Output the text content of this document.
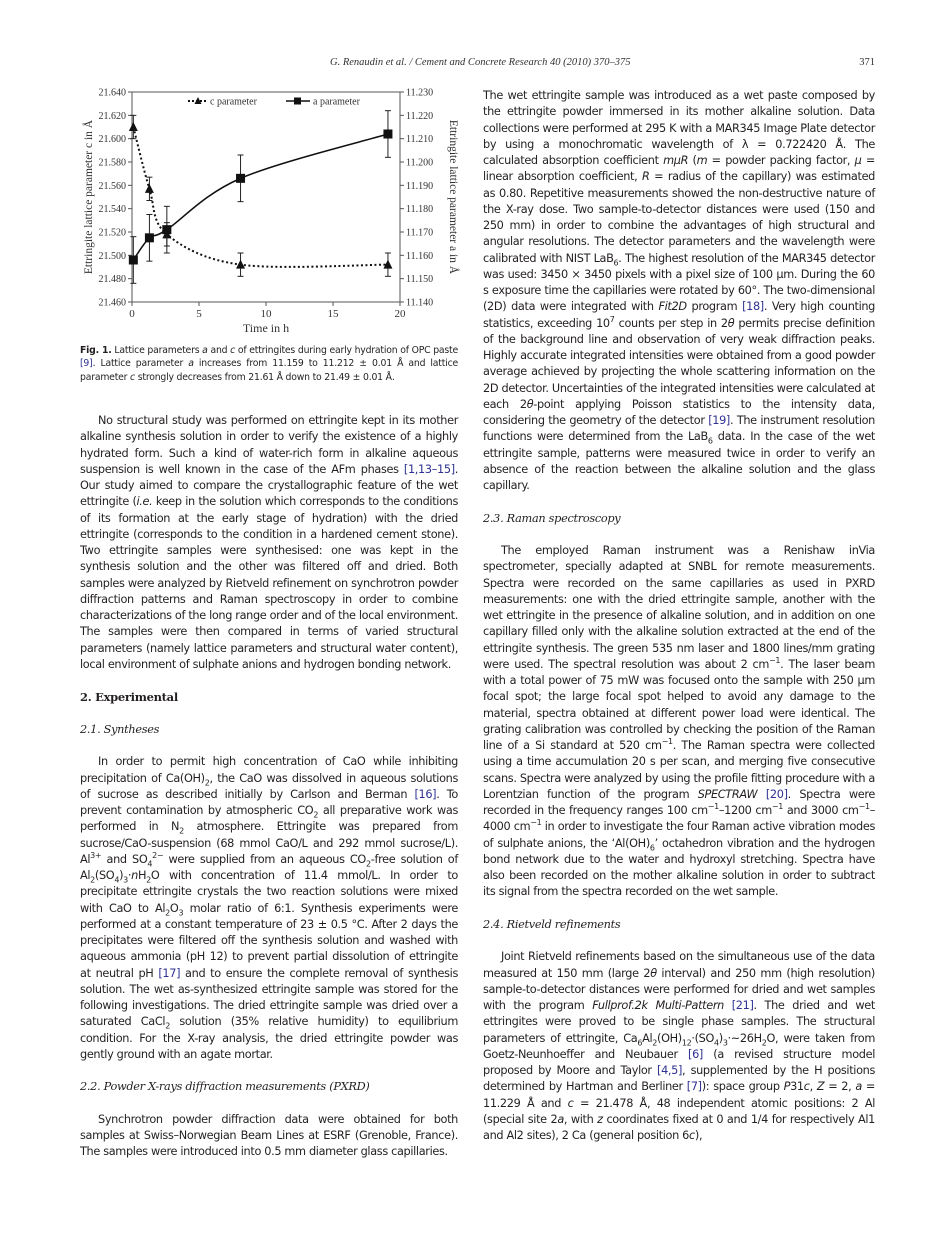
G. Renaudin et al. / Cement and Concrete Research 40 (2010) 370–375	371
0	5	10	15	20
21.460
21.480
21.500
21.520
21.540
21.560
21.580
21.600
21.620
21.640
11.140
11.150
11.160
11.170
11.180
11.190
11.200
11.210
11.220
11.230
Time in h
Ettringite lattice parameter c in Å	Ettringite lattice parameter a in Å
c parameter	a parameter
Fig. 1. Lattice parameters a and c of ettringites during early hydration of OPC paste [9]. Lattice parameter a increases from 11.159 to 11.212 ± 0.01 Å and lattice parameter c strongly decreases from 21.61 Å down to 21.49 ± 0.01 Å.

No structural study was performed on ettringite kept in its mother alkaline synthesis solution in order to verify the existence of a highly hydrated form. Such a kind of water-rich form in alkaline aqueous suspension is well known in the case of the AFm phases [1,13–15]. Our study aimed to compare the crystallographic feature of the wet ettringite (i.e. keep in the solution which corresponds to the conditions of its formation at the early stage of hydration) with the dried ettringite (corresponds to the condition in a hardened cement stone). Two ettringite samples were synthesised: one was kept in the synthesis solution and the other was filtered off and dried. Both samples were analyzed by Rietveld refinement on synchrotron powder diffraction patterns and Raman spectroscopy in order to combine characterizations of the long range order and of the local environment. The samples were then compared in terms of varied structural parameters (namely lattice parameters and structural water content), local environment of sulphate anions and hydrogen bonding network.

2. Experimental
2.1. Syntheses

In order to permit high concentration of CaO while inhibiting precipitation of $Ca(OH)_2$, the CaO was dissolved in aqueous solutions of sucrose as described initially by Carlson and Berman [16]. To prevent contamination by atmospheric $CO_2$ all preparative work was performed in $N_2$ atmosphere. Ettringite was prepared from sucrose/CaO-suspension (68 mmol CaO/L and 292 mmol sucrose/L). $Al^{3+}$ and $SO_4^{2-}$ were supplied from an aqueous $CO_2$-free solution of $Al_2(SO_4)_3\cdot nH_2O$ with concentration of 11.4 mmol/L. In order to precipitate ettringite crystals the two reaction solutions were mixed with CaO to $Al_2O_3$ molar ratio of 6:1. Synthesis experiments were performed at a constant temperature of 23 ± 0.5 °C. After 2 days the precipitates were filtered off the synthesis solution and washed with aqueous ammonia (pH 12) to prevent partial dissolution of ettringite at neutral pH [17] and to ensure the complete removal of synthesis solution. The wet as-synthesized ettringite sample was stored for the following investigations. The dried ettringite sample was dried over a saturated CaCl$_2$ solution (35% relative humidity) to equilibrium condition. For the X-ray analysis, the dried ettringite powder was gently ground with an agate mortar.

2.2. Powder X-rays diffraction measurements (PXRD)

Synchrotron powder diffraction data were obtained for both samples at Swiss–Norwegian Beam Lines at ESRF (Grenoble, France). The samples were introduced into 0.5 mm diameter glass capillaries.

The wet ettringite sample was introduced as a wet paste composed by the ettringite powder immersed in its mother alkaline solution. Data collections were performed at 295 K with a MAR345 Image Plate detector by using a monochromatic wavelength of λ = 0.722420 Å. The calculated absorption coefficient mμR (m = powder packing factor, μ = linear absorption coefficient, R = radius of the capillary) was estimated as 0.80. Repetitive measurements showed the non-destructive nature of the X-ray dose. Two sample-to-detector distances were used (150 and 250 mm) in order to combine the advantages of high structural and angular resolutions. The detector parameters and the wavelength were calibrated with NIST LaB$_6$. The highest resolution of the MAR345 detector was used: 3450 × 3450 pixels with a pixel size of 100 μm. During the 60 s exposure time the capillaries were rotated by 60°. The two-dimensional (2D) data were integrated with Fit2D program [18]. Very high counting statistics, exceeding $10^7$ counts per step in 2θ permits precise definition of the background line and observation of very weak diffraction peaks. Highly accurate integrated intensities were obtained from a good powder average achieved by projecting the whole scattering information on the 2D detector. Uncertainties of the integrated intensities were calculated at each 2θ-point applying Poisson statistics to the intensity data, considering the geometry of the detector [19]. The instrument resolution functions were determined from the LaB$_6$ data. In the case of the wet ettringite sample, patterns were measured twice in order to verify an absence of the reaction between the alkaline solution and the glass capillary.

2.3. Raman spectroscopy

The employed Raman instrument was a Renishaw inVia spectrometer, specially adapted at SNBL for remote measurements. Spectra were recorded on the same capillaries as used in PXRD measurements: one with the dried ettringite sample, another with the wet ettringite in the presence of alkaline solution, and in addition on one capillary filled only with the alkaline solution extracted at the end of the ettringite synthesis. The green 535 nm laser and 1800 lines/mm grating were used. The spectral resolution was about 2 $cm^{-1}$. The laser beam with a total power of 75 mW was focused onto the sample with 250 μm focal spot; the large focal spot helped to avoid any damage to the material, spectra obtained at different power load were identical. The grating calibration was controlled by checking the position of the Raman line of a Si standard at 520 $cm^{-1}$. The Raman spectra were collected using a time accumulation 20 s per scan, and merging five consecutive scans. Spectra were analyzed by using the profile fitting procedure with a Lorentzian function of the program SPECTRAW [20]. Spectra were recorded in the frequency ranges 100 $cm^{-1}-1200$ $cm^{-1}$ and 3000 $cm^{-1}-4000$ $cm^{-1}$ in order to investigate the four Raman active vibration modes of sulphate anions, the ‘$Al(OH)_6$’ octahedron vibration and the hydrogen bond network due to the water and hydroxyl stretching. Spectra have also been recorded on the mother alkaline solution in order to subtract its signal from the spectra recorded on the wet sample.

2.4. Rietveld refinements

Joint Rietveld refinements based on the simultaneous use of the data measured at 150 mm (large 2θ interval) and 250 mm (high resolution) sample-to-detector distances were performed for dried and wet samples with the program Fullprof.2k Multi-Pattern [21]. The dried and wet ettringites were proved to be single phase samples. The structural parameters of ettringite, $Ca_6Al_2(OH)_{12}\cdot(SO_4)_3\cdot\sim 26H_2O$, were taken from Goetz-Neunhoeffer and Neubauer [6] (a revised structure model proposed by Moore and Taylor [4,5], supplemented by the H positions determined by Hartman and Berliner [7]): space group P31c, Z = 2, a = 11.229 Å and c = 21.478 Å, 48 independent atomic positions: 2 Al (special site 2a, with z coordinates fixed at 0 and 1/4 for respectively Al1 and Al2 sites), 2 Ca (general position 6c),
